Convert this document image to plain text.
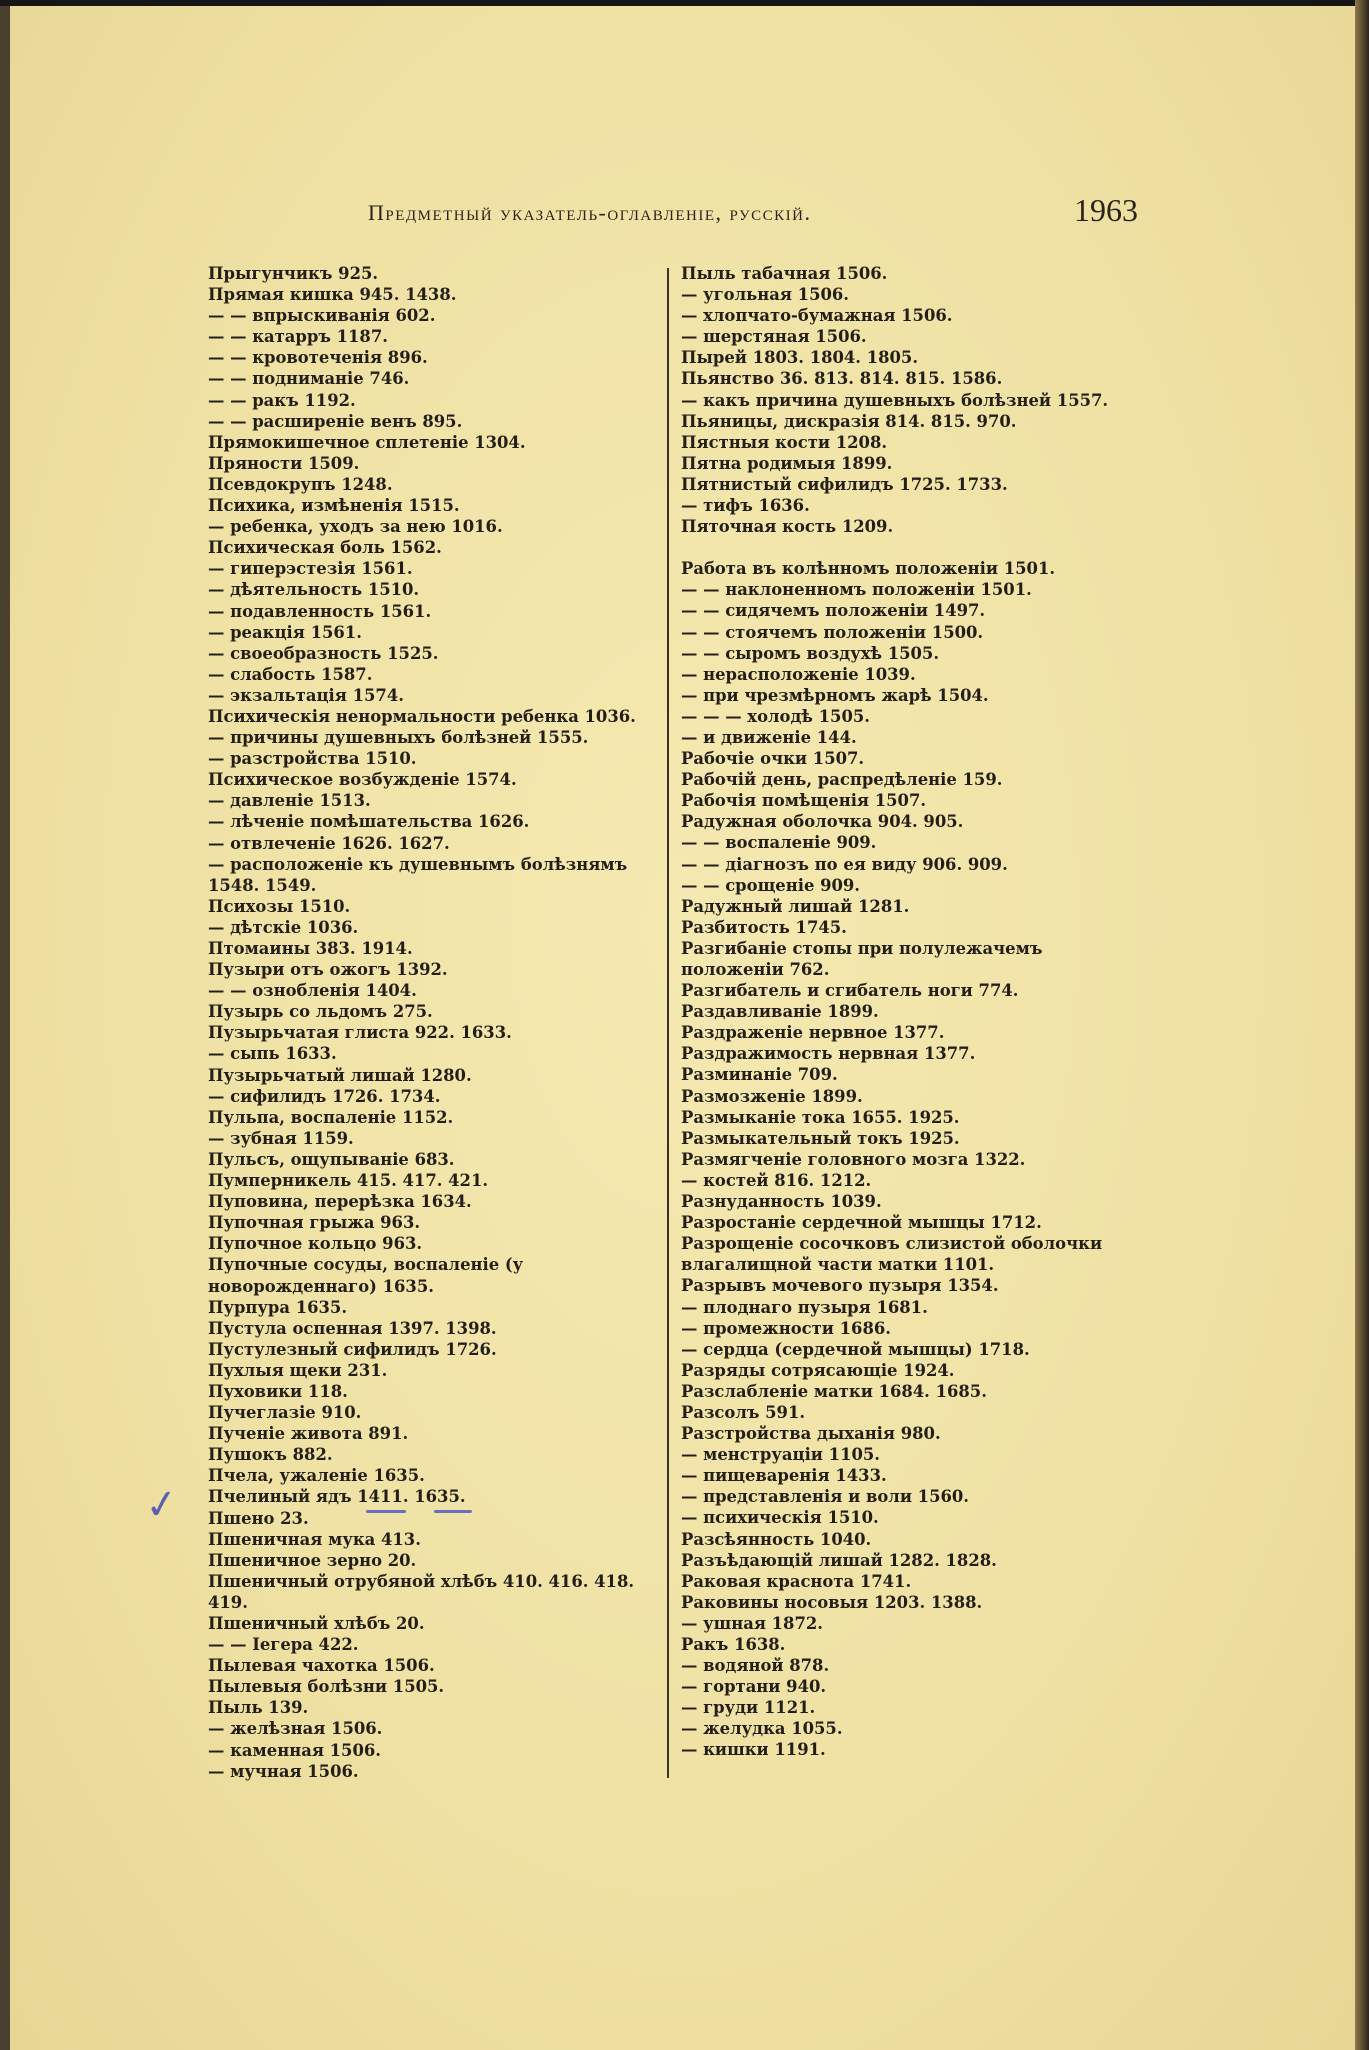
Предметный указатель-оглавленіе, русскій.	1963
Прыгунчикъ 925.
Прямая кишка 945. 1438.
— — впрыскиванія 602.
— — катарръ 1187.
— — кровотеченія 896.
— — подниманіе 746.
— — ракъ 1192.
— — расширеніе венъ 895.
Прямокишечное сплетеніе 1304.
Пряности 1509.
Псевдокрупъ 1248.
Психика, измѣненія 1515.
— ребенка, уходъ за нею 1016.
Психическая боль 1562.
— гиперэстезія 1561.
— дѣятельность 1510.
— подавленность 1561.
— реакція 1561.
— своеобразность 1525.
— слабость 1587.
— экзальтація 1574.
Психическія ненормальности ребенка 1036.
— причины душевныхъ болѣзней 1555.
— разстройства 1510.
Психическое возбужденіе 1574.
— давленіе 1513.
— лѣченіе помѣшательства 1626.
— отвлеченіе 1626. 1627.
— расположеніе къ душевнымъ болѣзнямъ 1548. 1549.
Психозы 1510.
— дѣтскіе 1036.
Птомаины 383. 1914.
Пузыри отъ ожогъ 1392.
— — ознобленія 1404.
Пузырь со льдомъ 275.
Пузырьчатая глиста 922. 1633.
— сыпь 1633.
Пузырьчатый лишай 1280.
— сифилидъ 1726. 1734.
Пульпа, воспаленіе 1152.
— зубная 1159.
Пульсъ, ощупываніе 683.
Пумперникель 415. 417. 421.
Пуповина, перерѣзка 1634.
Пупочная грыжа 963.
Пупочное кольцо 963.
Пупочные сосуды, воспаленіе (у новорожденнаго) 1635.
Пурпура 1635.
Пустула оспенная 1397. 1398.
Пустулезный сифилидъ 1726.
Пухлыя щеки 231.
Пуховики 118.
Пучеглазіе 910.
Пученіе живота 891.
Пушокъ 882.
Пчела, ужаленіе 1635.
Пчелиный ядъ 1411. 1635.
Пшено 23.
Пшеничная мука 413.
Пшеничное зерно 20.
Пшеничный отрубяной хлѣбъ 410. 416. 418. 419.
Пшеничный хлѣбъ 20.
— — Іегера 422.
Пылевая чахотка 1506.
Пылевыя болѣзни 1505.
Пыль 139.
— желѣзная 1506.
— каменная 1506.
— мучная 1506.
Пыль табачная 1506.
— угольная 1506.
— хлопчато-бумажная 1506.
— шерстяная 1506.
Пырей 1803. 1804. 1805.
Пьянство 36. 813. 814. 815. 1586.
— какъ причина душевныхъ болѣзней 1557.
Пьяницы, дискразія 814. 815. 970.
Пястныя кости 1208.
Пятна родимыя 1899.
Пятнистый сифилидъ 1725. 1733.
— тифъ 1636.
Пяточная кость 1209.
Работа въ колѣнномъ положеніи 1501.
— — наклоненномъ положеніи 1501.
— — сидячемъ положеніи 1497.
— — стоячемъ положеніи 1500.
— — сыромъ воздухѣ 1505.
— нерасположеніе 1039.
— при чрезмѣрномъ жарѣ 1504.
— — — холодѣ 1505.
— и движеніе 144.
Рабочіе очки 1507.
Рабочій день, распредѣленіе 159.
Рабочія помѣщенія 1507.
Радужная оболочка 904. 905.
— — воспаленіе 909.
— — діагнозъ по ея виду 906. 909.
— — срощеніе 909.
Радужный лишай 1281.
Разбитость 1745.
Разгибаніе стопы при полулежачемъ положеніи 762.
Разгибатель и сгибатель ноги 774.
Раздавливаніе 1899.
Раздраженіе нервное 1377.
Раздражимость нервная 1377.
Разминаніе 709.
Размозженіе 1899.
Размыканіе тока 1655. 1925.
Размыкательный токъ 1925.
Размягченіе головного мозга 1322.
— костей 816. 1212.
Разнуданность 1039.
Разростаніе сердечной мышцы 1712.
Разрощеніе сосочковъ слизистой оболочки влагалищной части матки 1101.
Разрывъ мочевого пузыря 1354.
— плоднаго пузыря 1681.
— промежности 1686.
— сердца (сердечной мышцы) 1718.
Разряды сотрясающіе 1924.
Разслабленіе матки 1684. 1685.
Разсолъ 591.
Разстройства дыханія 980.
— менструаціи 1105.
— пищеваренія 1433.
— представленія и воли 1560.
— психическія 1510.
Разсѣянность 1040.
Разъѣдающій лишай 1282. 1828.
Раковая краснота 1741.
Раковины носовыя 1203. 1388.
— ушная 1872.
Ракъ 1638.
— водяной 878.
— гортани 940.
— груди 1121.
— желудка 1055.
— кишки 1191.
✓
